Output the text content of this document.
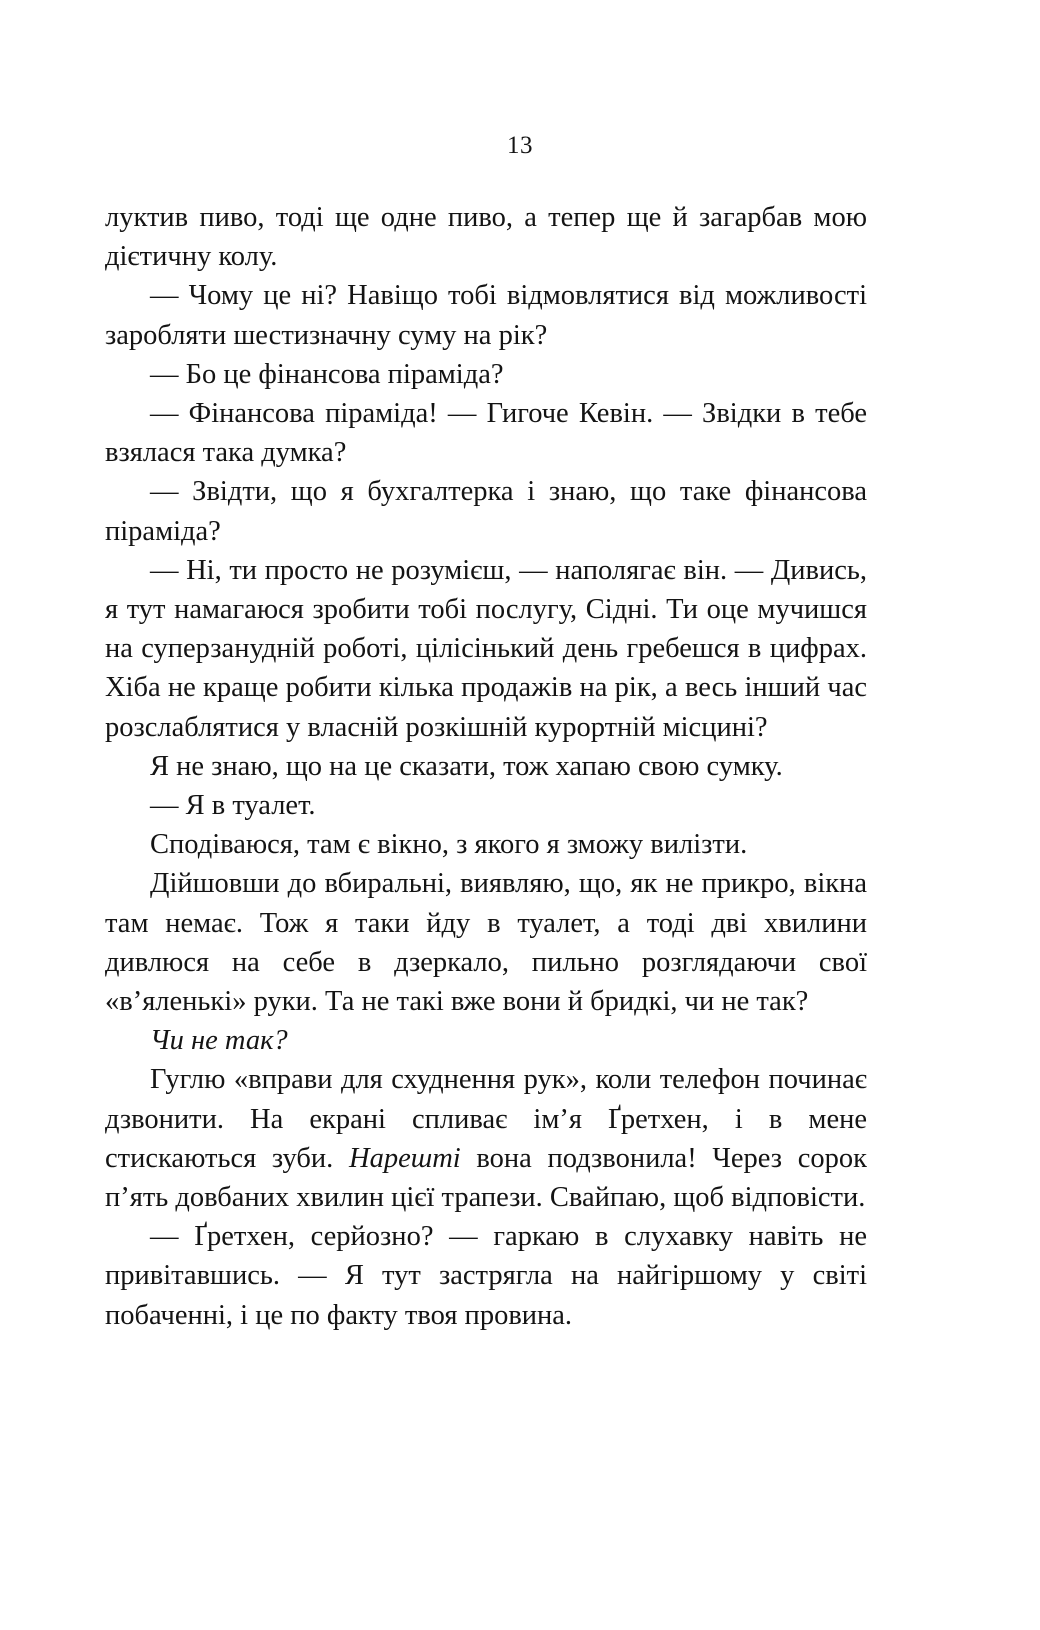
13

луктив пиво, тоді ще одне пиво, а тепер ще й загарбав мою дієтичну колу.

— Чому це ні? Навіщо тобі відмовлятися від можливості заробляти шестизначну суму на рік?

— Бо це фінансова піраміда?

— Фінансова піраміда! — Гигоче Кевін. — Звідки в тебе взялася така думка?

— Звідти, що я бухгалтерка і знаю, що таке фінансова піраміда?

— Ні, ти просто не розумієш, — наполягає він. — Дивись, я тут намагаюся зробити тобі послугу, Сідні. Ти оце мучишся на суперзанудній роботі, цілісінький день гребешся в цифрах. Хіба не краще робити кілька продажів на рік, а весь інший час розслаблятися у власній розкішній курортній місцині?

Я не знаю, що на це сказати, тож хапаю свою сумку.

— Я в туалет.

Сподіваюся, там є вікно, з якого я зможу вилізти.

Дійшовши до вбиральні, виявляю, що, як не прикро, вікна там немає. Тож я таки йду в туалет, а тоді дві хвилини дивлюся на себе в дзеркало, пильно розглядаючи свої «в’яленькі» руки. Та не такі вже вони й бридкі, чи не так?

Чи не так?

Гуглю «вправи для схуднення рук», коли телефон починає дзвонити. На екрані спливає ім’я Ґретхен, і в мене стискаються зуби. Нарешті вона подзвонила! Через сорок п’ять довбаних хвилин цієї трапези. Свайпаю, щоб відповісти.

— Ґретхен, серйозно? — гаркаю в слухавку навіть не привітавшись. — Я тут застрягла на найгіршому у світі побаченні, і це по факту твоя провина.
